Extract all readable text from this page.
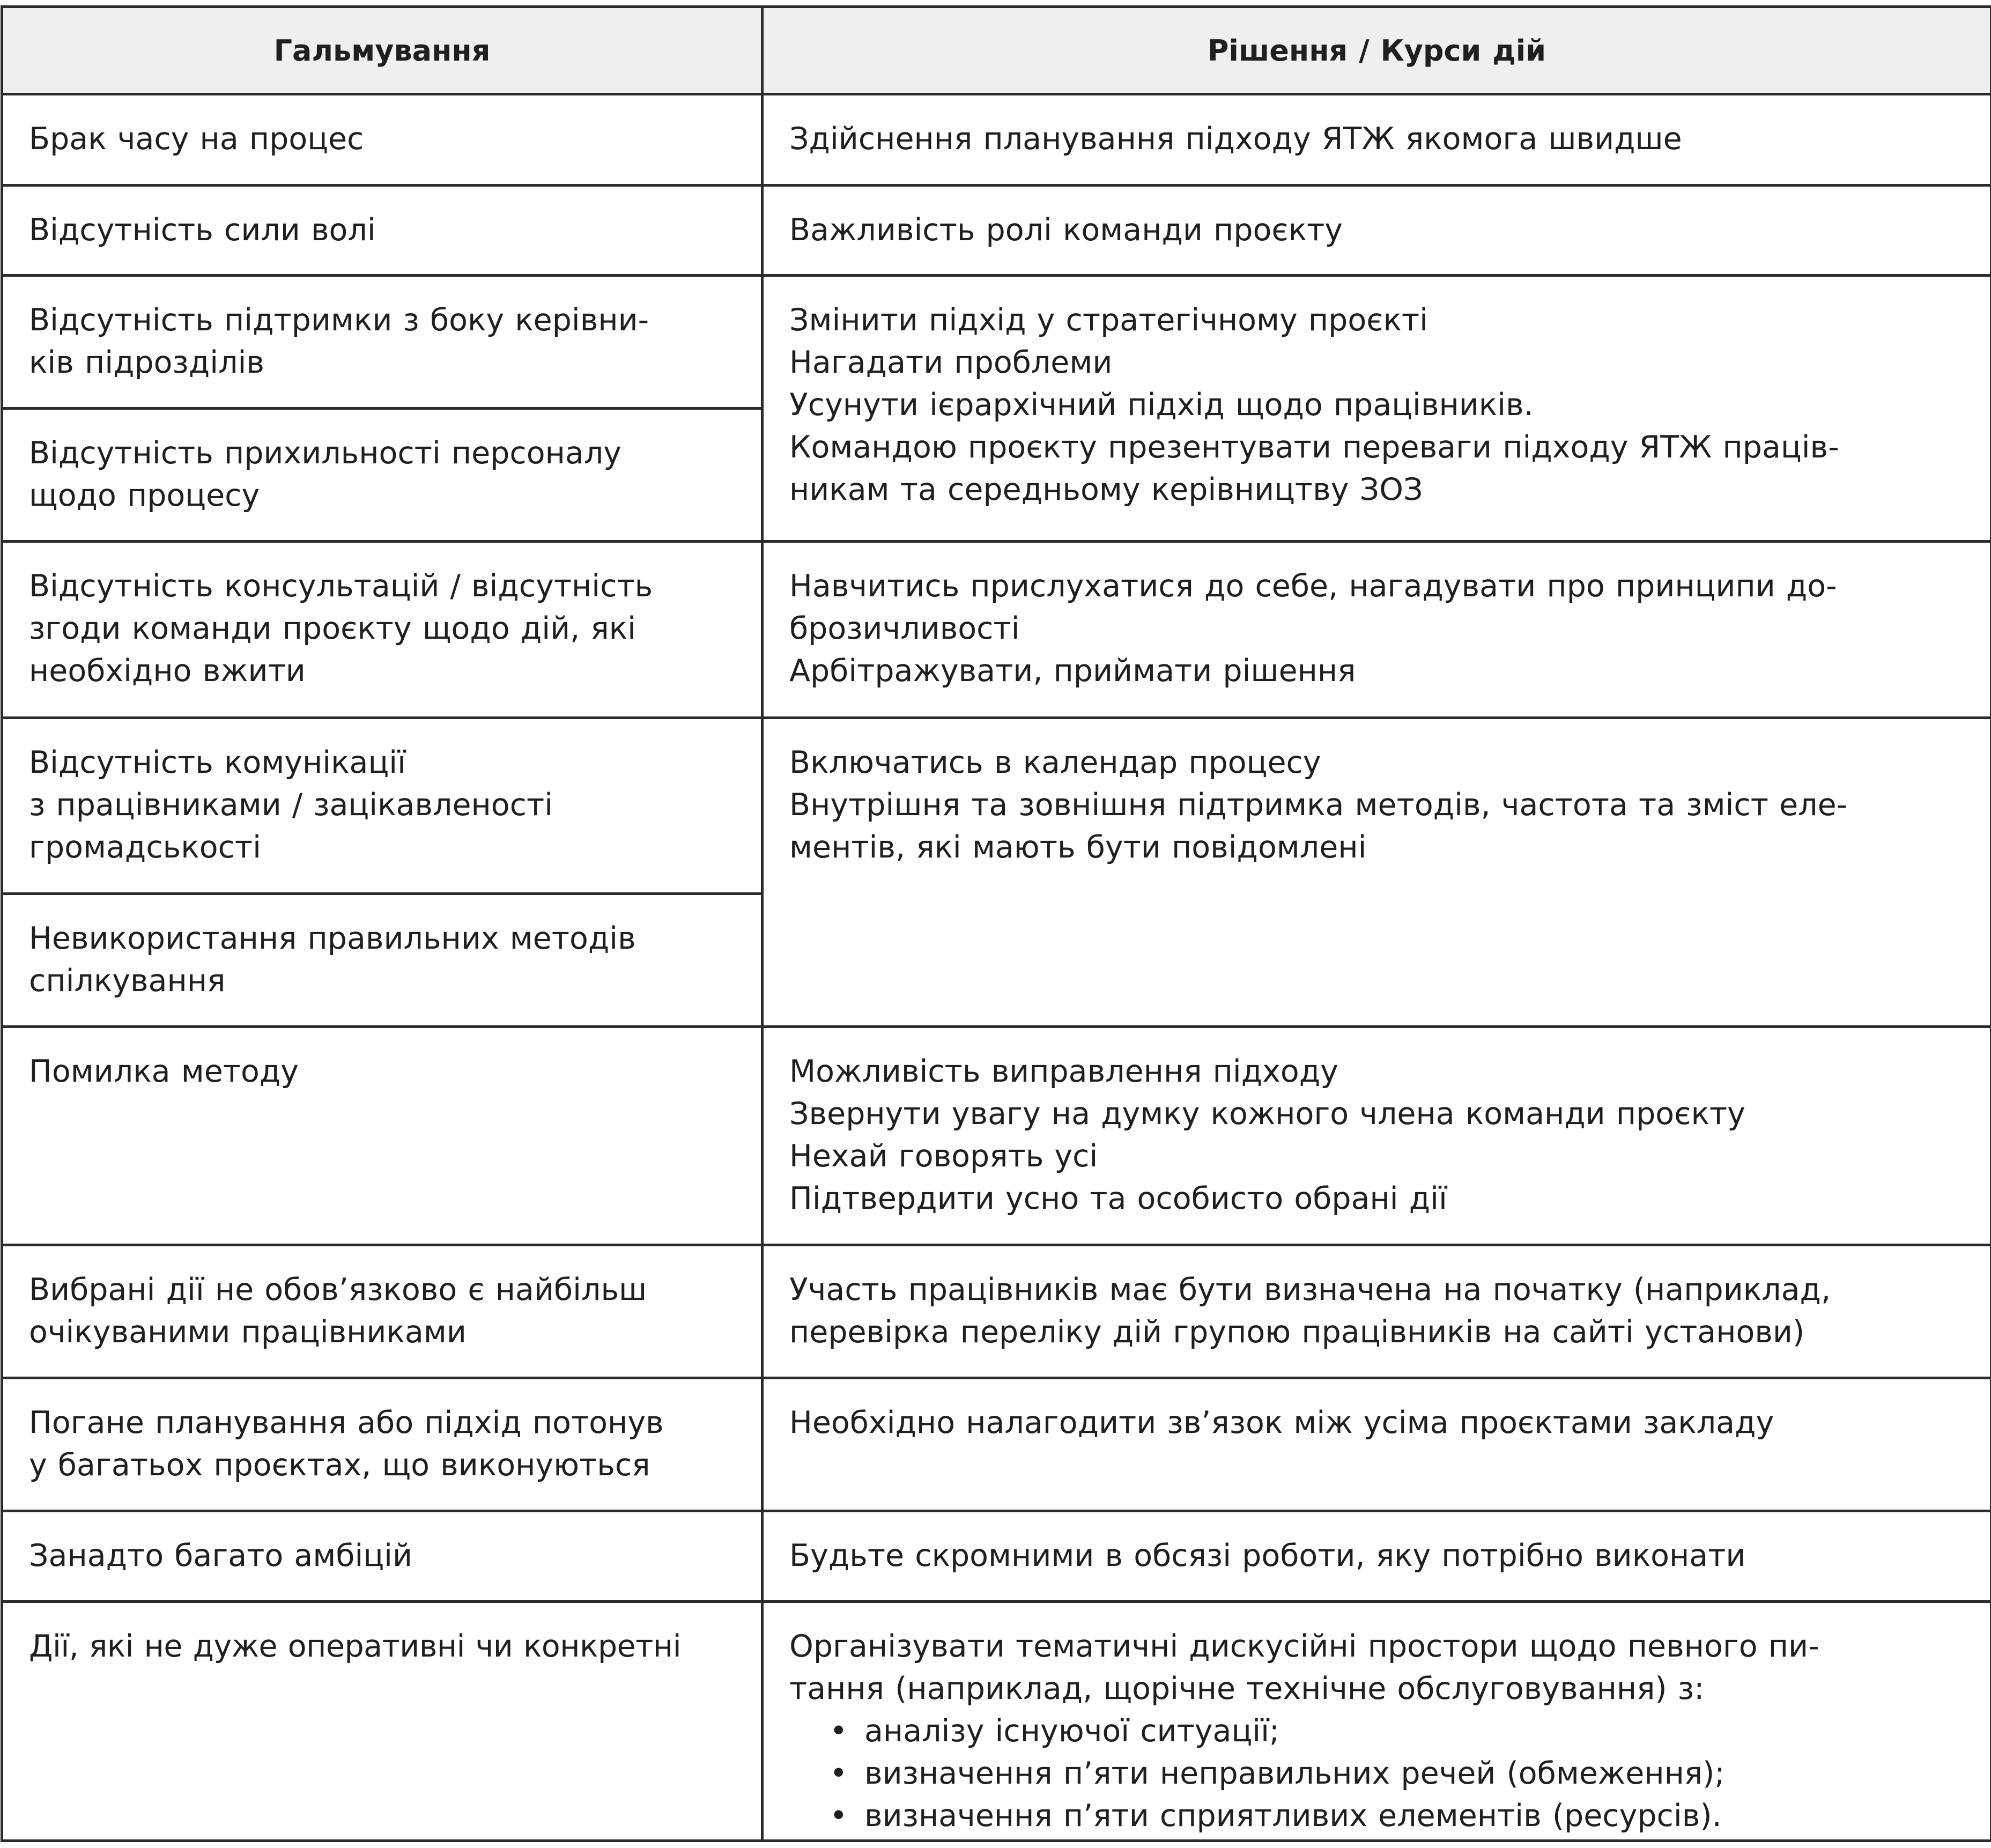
Гальмування	Рішення / Курси дій

Брак часу на процес	Здійснення планування підходу ЯТЖ якомога швидше

Відсутність сили волі	Важливість ролі команди проєкту

Відсутність підтримки з боку керівни-
ків підрозділів	Змінити підхід у стратегічному проєкті
Нагадати проблеми
Усунути ієрархічний підхід щодо працівників.
Командою проєкту презентувати переваги підходу ЯТЖ праців-
никам та середньому керівництву ЗОЗ

Відсутність прихильності персоналу
щодо процесу	

Відсутність консультацій / відсутність
згоди команди проєкту щодо дій, які
необхідно вжити	Навчитись прислухатися до себе, нагадувати про принципи до-
брозичливості
Арбітражувати, приймати рішення

Відсутність комунікації
з працівниками / зацікавленості
громадськості	Включатись в календар процесу
Внутрішня та зовнішня підтримка методів, частота та зміст еле-
ментів, які мають бути повідомлені

Невикористання правильних методів
спілкування	

Помилка методу	Можливість виправлення підходу
Звернути увагу на думку кожного члена команди проєкту
Нехай говорять усі
Підтвердити усно та особисто обрані дії

Вибрані дії не обов’язково є найбільш
очікуваними працівниками	Участь працівників має бути визначена на початку (наприклад,
перевірка переліку дій групою працівників на сайті установи)

Погане планування або підхід потонув
у багатьох проєктах, що виконуються	Необхідно налагодити зв’язок між усіма проєктами закладу

Занадто багато амбіцій	Будьте скромними в обсязі роботи, яку потрібно виконати

Дії, які не дуже оперативні чи конкретні	Організувати тематичні дискусійні простори щодо певного пи-
тання (наприклад, щорічне технічне обслуговування) з:
• аналізу існуючої ситуації;
• визначення п’яти неправильних речей (обмеження);
• визначення п’яти сприятливих елементів (ресурсів).
